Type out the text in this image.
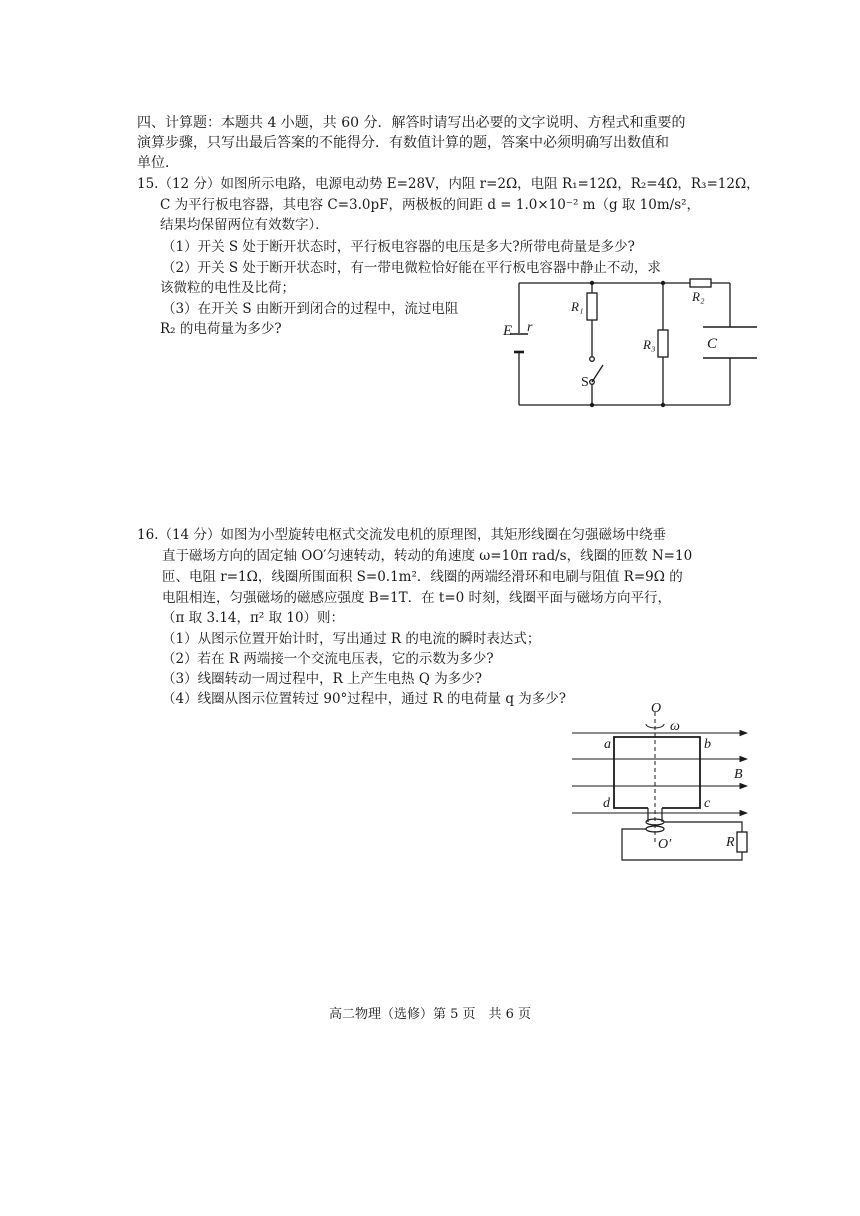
四、计算题：本题共 4 小题，共 60 分．解答时请写出必要的文字说明、方程式和重要的
演算步骤，只写出最后答案的不能得分．有数值计算的题，答案中必须明确写出数值和
单位．
15.（12 分）如图所示电路，电源电动势 E=28V，内阻 r=2Ω，电阻 R₁=12Ω，R₂=4Ω，R₃=12Ω，
C 为平行板电容器，其电容 C=3.0pF，两极板的间距 d = 1.0×10⁻² m（g 取 10m/s²，
结果均保留两位有效数字）．
（1）开关 S 处于断开状态时，平行板电容器的电压是多大?所带电荷量是多少?
（2）开关 S 处于断开状态时，有一带电微粒恰好能在平行板电容器中静止不动，求
该微粒的电性及比荷；
（3）在开关 S 由断开到闭合的过程中，流过电阻
R₂ 的电荷量为多少?	E r
R₁
R₂
R₃	C
S
16.（14 分）如图为小型旋转电枢式交流发电机的原理图，其矩形线圈在匀强磁场中绕垂
直于磁场方向的固定轴 OO′匀速转动，转动的角速度 ω=10π rad/s，线圈的匝数 N=10
匝、电阻 r=1Ω，线圈所围面积 S=0.1m²．线圈的两端经滑环和电刷与阻值 R=9Ω 的
电阻相连，匀强磁场的磁感应强度 B=1T．在 t=0 时刻，线圈平面与磁场方向平行，
（π 取 3.14，π² 取 10）则：
（1）从图示位置开始计时，写出通过 R 的电流的瞬时表达式；
（2）若在 R 两端接一个交流电压表，它的示数为多少?
（3）线圈转动一周过程中，R 上产生电热 Q 为多少?
（4）线圈从图示位置转过 90°过程中，通过 R 的电荷量 q 为多少?
O
ω
a	b
d	c
B
O′	R
高二物理（选修）第 5 页　共 6 页
